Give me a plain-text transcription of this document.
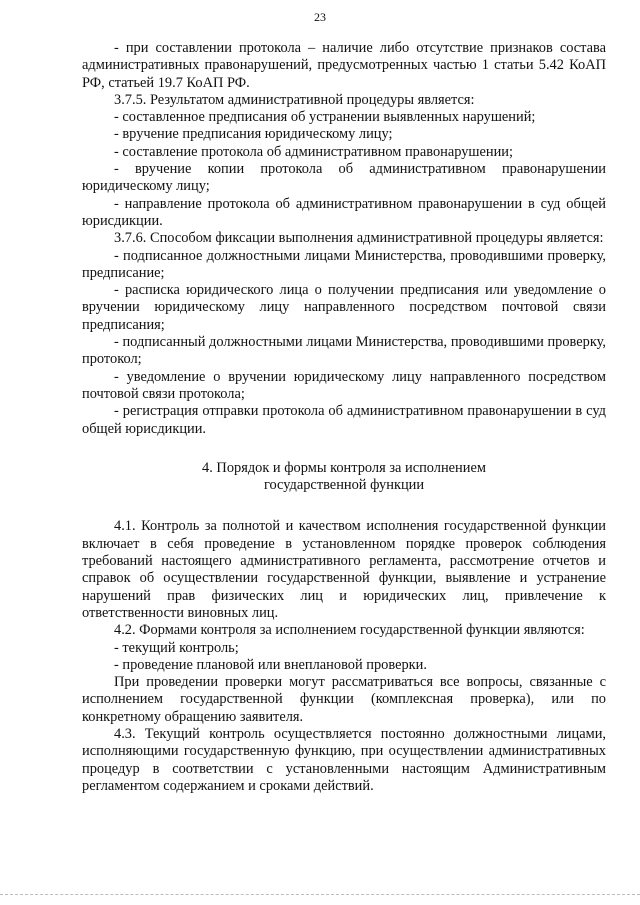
23

- при составлении протокола – наличие либо отсутствие признаков состава административных правонарушений, предусмотренных частью 1 статьи 5.42 КоАП РФ, статьей 19.7 КоАП РФ.

3.7.5. Результатом административной процедуры является:

- составленное предписания об устранении выявленных нарушений;

- вручение предписания юридическому лицу;

- составление протокола об административном правонарушении;

- вручение копии протокола об административном правонарушении юридическому лицу;

- направление протокола об административном правонарушении в суд общей юрисдикции.

3.7.6. Способом фиксации выполнения административной процедуры является:

- подписанное должностными лицами Министерства, проводившими проверку, предписание;

- расписка юридического лица о получении предписания или уведомление о вручении юридическому лицу направленного посредством почтовой связи предписания;

- подписанный должностными лицами Министерства, проводившими проверку, протокол;

- уведомление о вручении юридическому лицу направленного посредством почтовой связи протокола;

- регистрация отправки протокола об административном правонарушении в суд общей юрисдикции.

4. Порядок и формы контроля за исполнением
государственной функции

4.1. Контроль за полнотой и качеством исполнения государственной функции включает в себя проведение в установленном порядке проверок соблюдения требований настоящего административного регламента, рассмотрение отчетов и справок об осуществлении государственной функции, выявление и устранение нарушений прав физических лиц и юридических лиц, привлечение к ответственности виновных лиц.

4.2. Формами контроля за исполнением государственной функции являются:

- текущий контроль;

- проведение плановой или внеплановой проверки.

При проведении проверки могут рассматриваться все вопросы, связанные с исполнением государственной функции (комплексная проверка), или по конкретному обращению заявителя.

4.3. Текущий контроль осуществляется постоянно должностными лицами, исполняющими государственную функцию, при осуществлении административных процедур в соответствии с установленными настоящим Административным регламентом содержанием и сроками действий.
